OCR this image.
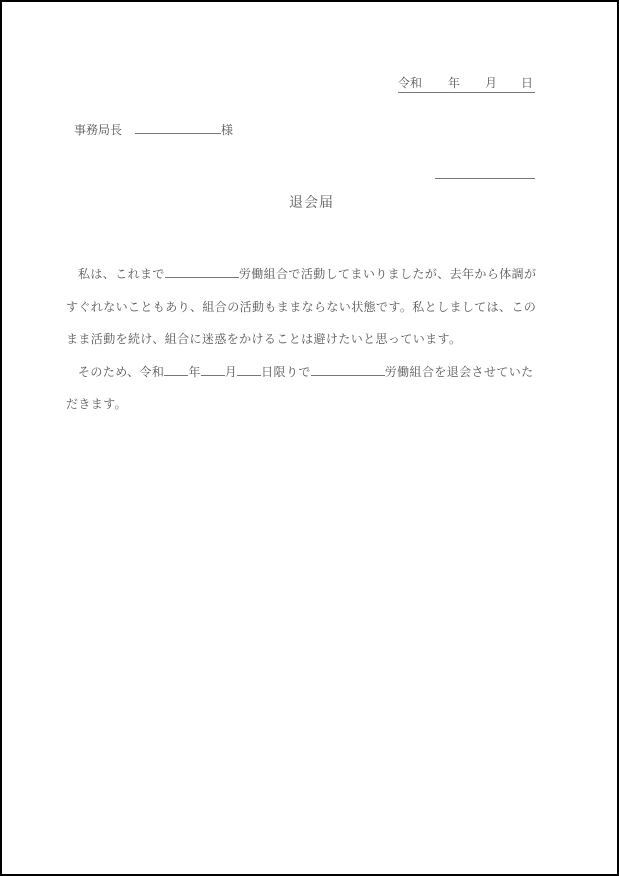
令和 年 月 日
事務局長	様
退会届

私は、これまで	労働組合で活動してまいりましたが、去年から体調がすぐれないこともあり、組合の活動もままならない状態です。私としましては、このまま活動を続け、組合に迷惑をかけることは避けたいと思っています。

そのため、令和 年 月 日限りで	労働組合を退会させていただきます。
